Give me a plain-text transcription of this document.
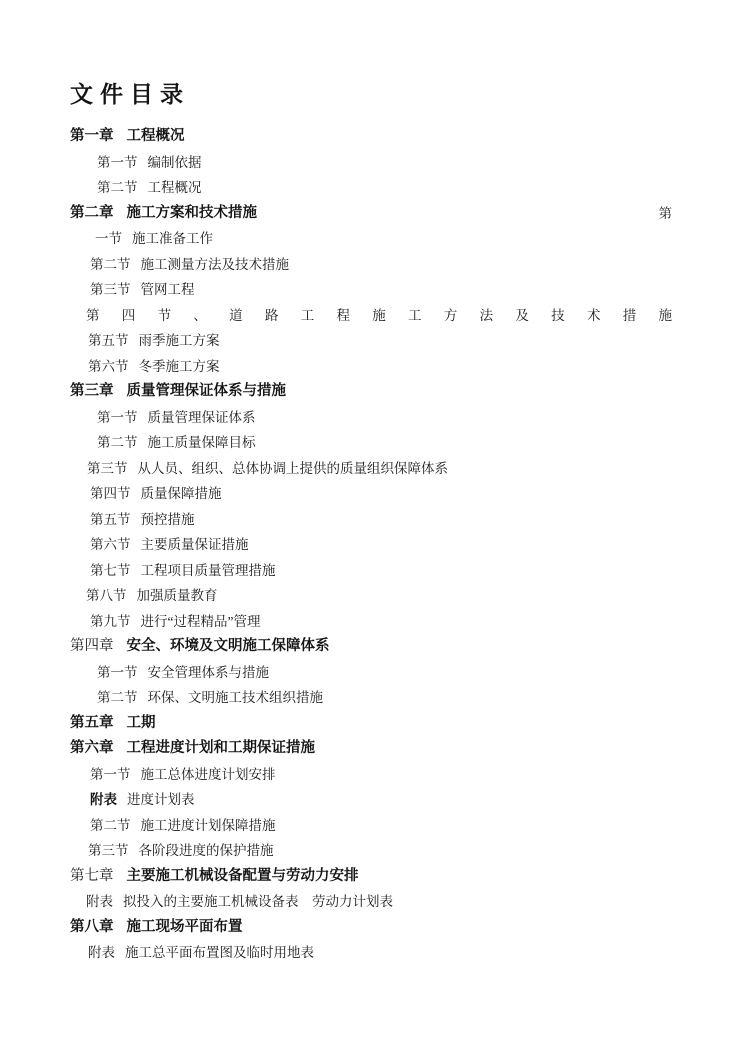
文件目录
第一章 工程概况
第一节 编制依据
第二节 工程概况
第二章 施工方案和技术措施	第
一节 施工准备工作
第二节 施工测量方法及技术措施
第三节 管网工程
第 四 节 、 道 路 工 程 施 工 方 法 及 技 术 措 施
第五节 雨季施工方案
第六节 冬季施工方案
第三章 质量管理保证体系与措施
第一节 质量管理保证体系
第二节 施工质量保障目标
第三节 从人员、组织、总体协调上提供的质量组织保障体系
第四节 质量保障措施
第五节 预控措施
第六节 主要质量保证措施
第七节 工程项目质量管理措施
第八节 加强质量教育
第九节 进行“过程精品”管理
第四章 安全、环境及文明施工保障体系
第一节 安全管理体系与措施
第二节 环保、文明施工技术组织措施
第五章 工期
第六章 工程进度计划和工期保证措施
第一节 施工总体进度计划安排
附表 进度计划表
第二节 施工进度计划保障措施
第三节 各阶段进度的保护措施
第七章 主要施工机械设备配置与劳动力安排
附表 拟投入的主要施工机械设备表　劳动力计划表
第八章 施工现场平面布置
附表 施工总平面布置图及临时用地表
